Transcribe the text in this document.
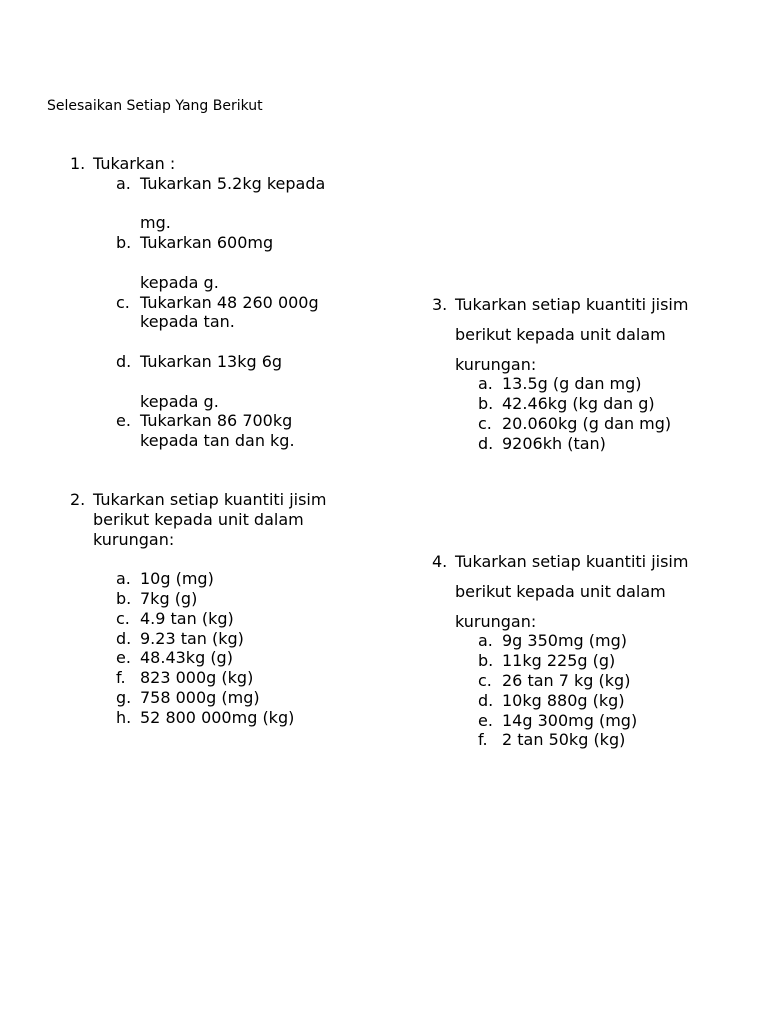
Selesaikan Setiap Yang Berikut
1. Tukarkan :
a. Tukarkan 5.2kg kepada
mg.
b. Tukarkan 600mg
kepada g.
c. Tukarkan 48 260 000g
kepada tan.
d. Tukarkan 13kg 6g
kepada g.
e. Tukarkan 86 700kg
kepada tan dan kg.
2. Tukarkan setiap kuantiti jisim
berikut kepada unit dalam
kurungan:
a. 10g (mg)
b. 7kg (g)
c. 4.9 tan (kg)
d. 9.23 tan (kg)
e. 48.43kg (g)
f. 823 000g (kg)
g. 758 000g (mg)
h. 52 800 000mg (kg)
3. Tukarkan setiap kuantiti jisim
berikut kepada unit dalam
kurungan:
a. 13.5g (g dan mg)
b. 42.46kg (kg dan g)
c. 20.060kg (g dan mg)
d. 9206kh (tan)
4. Tukarkan setiap kuantiti jisim
berikut kepada unit dalam
kurungan:
a. 9g 350mg (mg)
b. 11kg 225g (g)
c. 26 tan 7 kg (kg)
d. 10kg 880g (kg)
e. 14g 300mg (mg)
f. 2 tan 50kg (kg)
